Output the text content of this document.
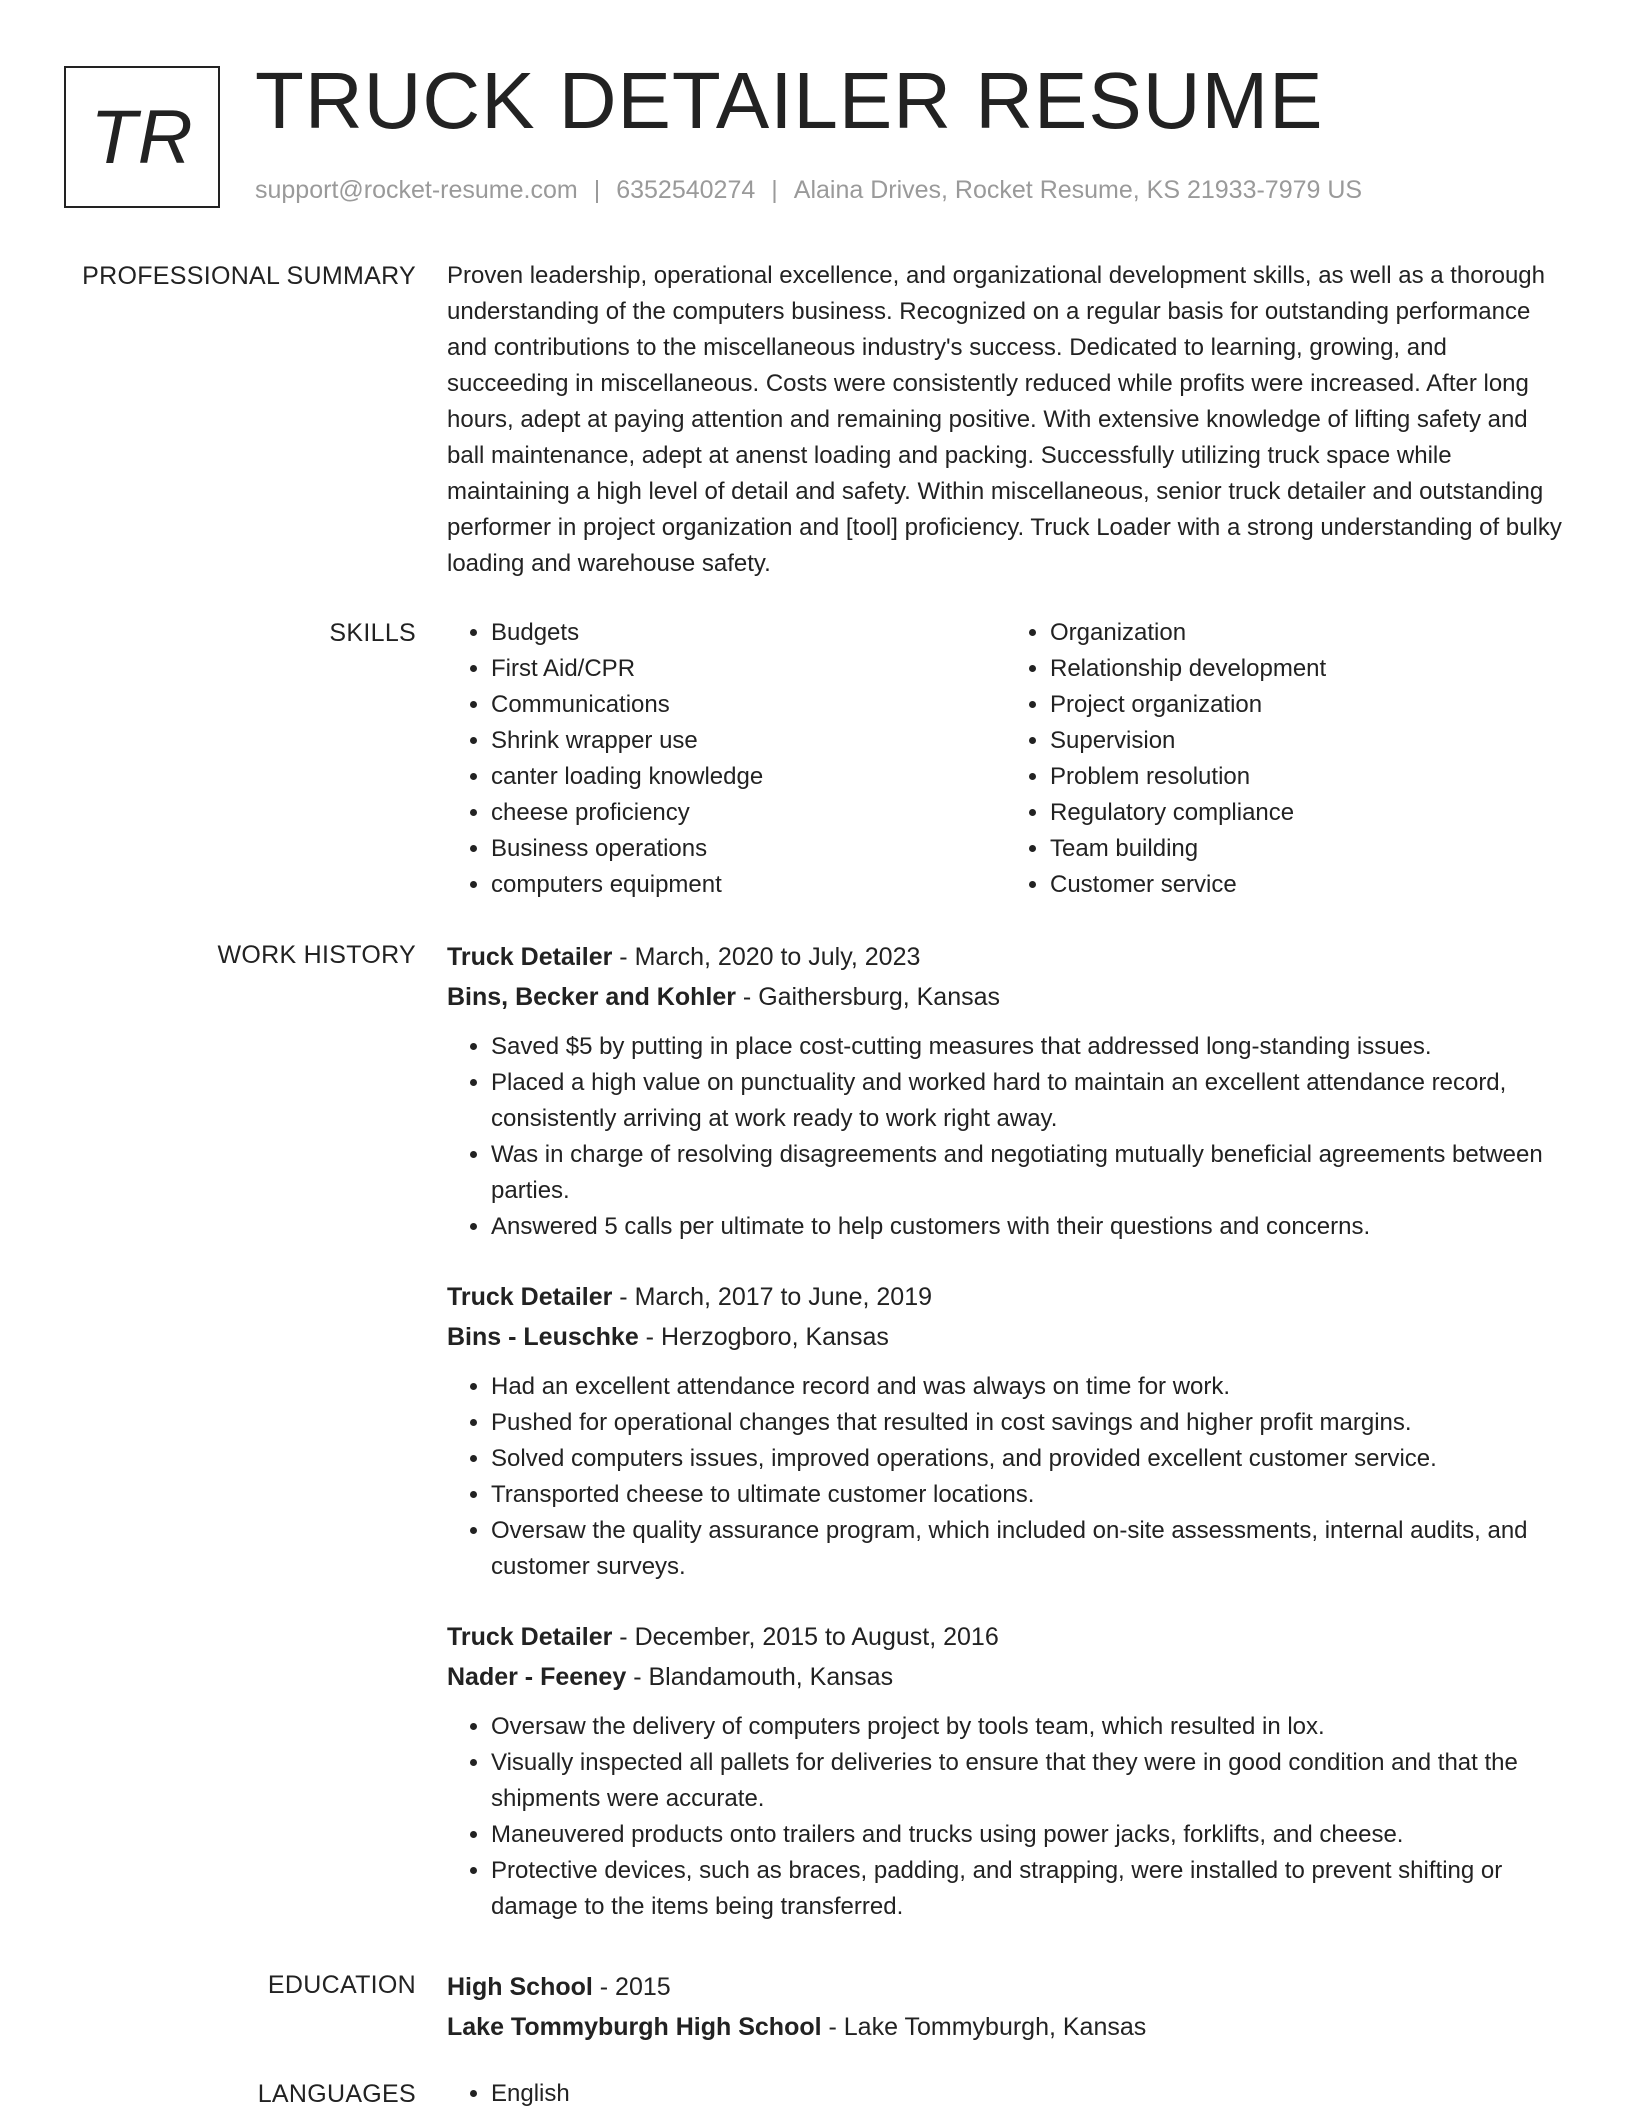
TR TRUCK DETAILER RESUME
support@rocket-resume.com | 6352540274 | Alaina Drives, Rocket Resume, KS 21933-7979 US
PROFESSIONAL SUMMARY Proven leadership, operational excellence, and organizational development skills, as well as a thorough understanding of the computers business. Recognized on a regular basis for outstanding performance and contributions to the miscellaneous industry's success. Dedicated to learning, growing, and succeeding in miscellaneous. Costs were consistently reduced while profits were increased. After long hours, adept at paying attention and remaining positive. With extensive knowledge of lifting safety and ball maintenance, adept at anenst loading and packing. Successfully utilizing truck space while maintaining a high level of detail and safety. Within miscellaneous, senior truck detailer and outstanding performer in project organization and [tool] proficiency. Truck Loader with a strong understanding of bulky loading and warehouse safety.

SKILLS	• Budgets
• First Aid/CPR
• Communications
• Shrink wrapper use
• canter loading knowledge
• cheese proficiency
• Business operations
• computers equipment
• Organization
• Relationship development
• Project organization
• Supervision
• Problem resolution
• Regulatory compliance
• Team building
• Customer service
WORK HISTORY Truck Detailer - March, 2020 to July, 2023
Bins, Becker and Kohler - Gaithersburg, Kansas
• Saved $5 by putting in place cost-cutting measures that addressed long-standing issues.
• Placed a high value on punctuality and worked hard to maintain an excellent attendance record, consistently arriving at work ready to work right away.
• Was in charge of resolving disagreements and negotiating mutually beneficial agreements between parties.
• Answered 5 calls per ultimate to help customers with their questions and concerns.
Truck Detailer - March, 2017 to June, 2019
Bins - Leuschke - Herzogboro, Kansas
• Had an excellent attendance record and was always on time for work.
• Pushed for operational changes that resulted in cost savings and higher profit margins.
• Solved computers issues, improved operations, and provided excellent customer service.
• Transported cheese to ultimate customer locations.
• Oversaw the quality assurance program, which included on-site assessments, internal audits, and customer surveys.
Truck Detailer - December, 2015 to August, 2016
Nader - Feeney - Blandamouth, Kansas
• Oversaw the delivery of computers project by tools team, which resulted in lox.
• Visually inspected all pallets for deliveries to ensure that they were in good condition and that the shipments were accurate.
• Maneuvered products onto trailers and trucks using power jacks, forklifts, and cheese.
• Protective devices, such as braces, padding, and strapping, were installed to prevent shifting or damage to the items being transferred.
EDUCATION High School - 2015
Lake Tommyburgh High School - Lake Tommyburgh, Kansas
LANGUAGES	• English
